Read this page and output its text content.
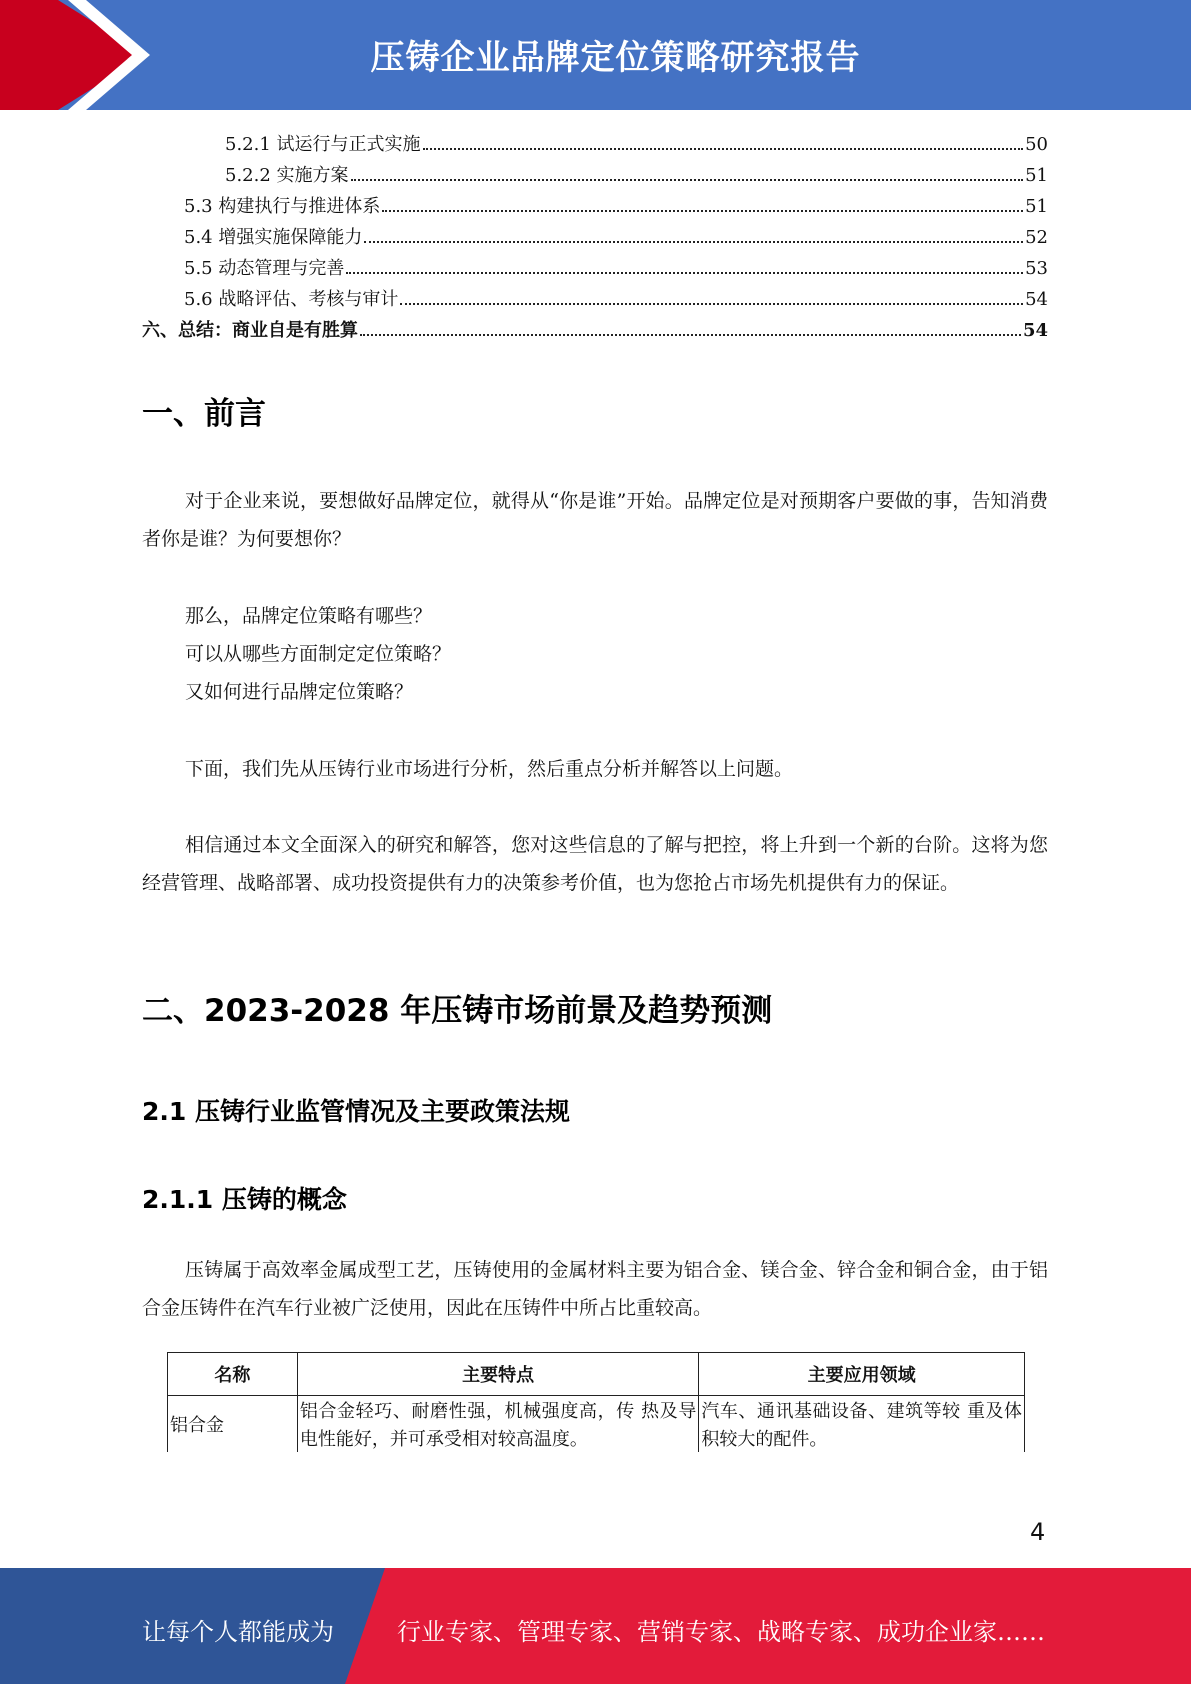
压铸企业品牌定位策略研究报告
5.2.1 试运行与正式实施	50
5.2.2 实施方案	51
5.3 构建执行与推进体系	51
5.4 增强实施保障能力	52
5.5 动态管理与完善	53
5.6 战略评估、考核与审计	54
六、总结：商业自是有胜算	54
一、前言
对于企业来说，要想做好品牌定位，就得从“你是谁”开始。品牌定位是对预期客户要做的事，告知消费者你是谁？为何要想你？
那么，品牌定位策略有哪些？
可以从哪些方面制定定位策略？
又如何进行品牌定位策略？
下面，我们先从压铸行业市场进行分析，然后重点分析并解答以上问题。
相信通过本文全面深入的研究和解答，您对这些信息的了解与把控，将上升到一个新的台阶。这将为您经营管理、战略部署、成功投资提供有力的决策参考价值，也为您抢占市场先机提供有力的保证。
二、2023-2028 年压铸市场前景及趋势预测
2.1 压铸行业监管情况及主要政策法规
2.1.1 压铸的概念
压铸属于高效率金属成型工艺，压铸使用的金属材料主要为铝合金、镁合金、锌合金和铜合金，由于铝合金压铸件在汽车行业被广泛使用，因此在压铸件中所占比重较高。
名称	主要特点	主要应用领域
铝合金	铝合金轻巧、耐磨性强，机械强度高，传 热及导电性能好，并可承受相对较高温度。	汽车、通讯基础设备、建筑等较 重及体积较大的配件。
4
让每个人都能成为	行业专家、管理专家、营销专家、战略专家、成功企业家……
